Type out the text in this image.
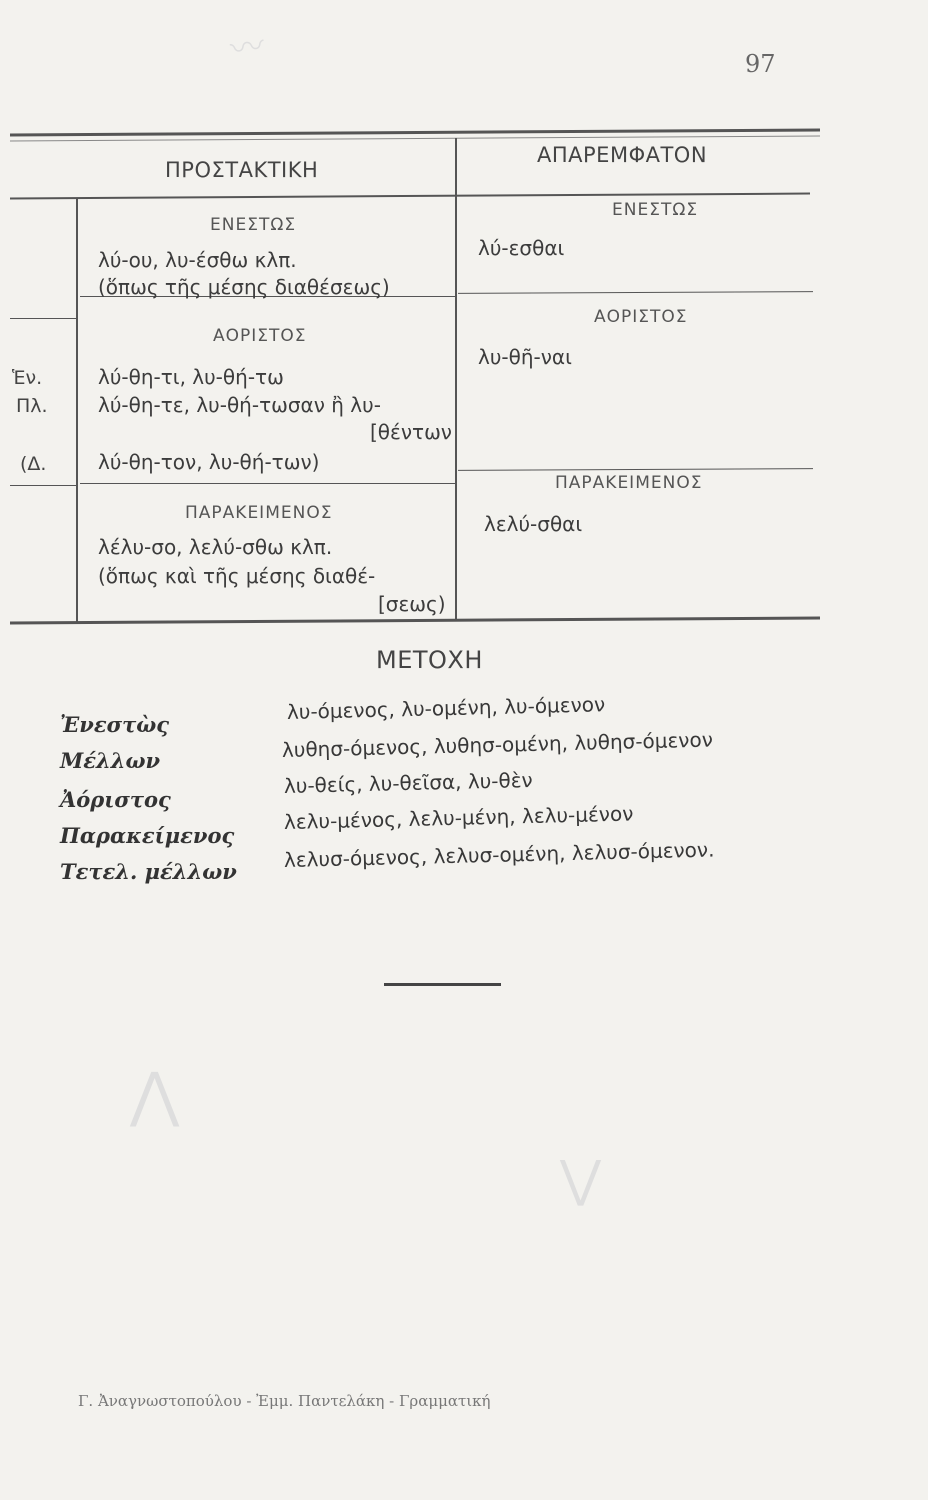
〰
⋀
⋁
97
ΠΡΟΣΤΑΚΤΙΚΗ
ΑΠΑΡΕΜΦΑΤΟΝ
ΕΝΕΣΤΩΣ
λύ-ου, λυ-έσθω κλπ.
(ὅπως τῆς μέσης διαθέσεως)
ΑΟΡΙΣΤΟΣ
λύ-θη-τι, λυ-θή-τω
λύ-θη-τε, λυ-θή-τωσαν ἢ λυ-
[θέντων
λύ-θη-τον, λυ-θή-των)
Ἑν.
Πλ.
(Δ.
ΠΑΡΑΚΕΙΜΕΝΟΣ
λέλυ-σο, λελύ-σθω κλπ.
(ὅπως καὶ τῆς μέσης διαθέ-
[σεως)
ΕΝΕΣΤΩΣ
λύ-εσθαι
ΑΟΡΙΣΤΟΣ
λυ-θῆ-ναι
ΠΑΡΑΚΕΙΜΕΝΟΣ
λελύ-σθαι
ΜΕΤΟΧΗ
Ἐνεστὼς
λυ-όμενος, λυ-ομένη, λυ-όμενον
Μέλλων	λυθησ-όμενος, λυθησ-ομένη, λυθησ-όμενον
Ἀόριστος
λυ-θείς, λυ-θεῖσα, λυ-θὲν
Παρακείμενος
λελυ-μένος, λελυ-μένη, λελυ-μένον
Τετελ. μέλλων λελυσ-όμενος, λελυσ-ομένη, λελυσ-όμενον.
Γ. Ἀναγνωστοπούλου - Ἐμμ. Παντελάκη - Γραμματική
